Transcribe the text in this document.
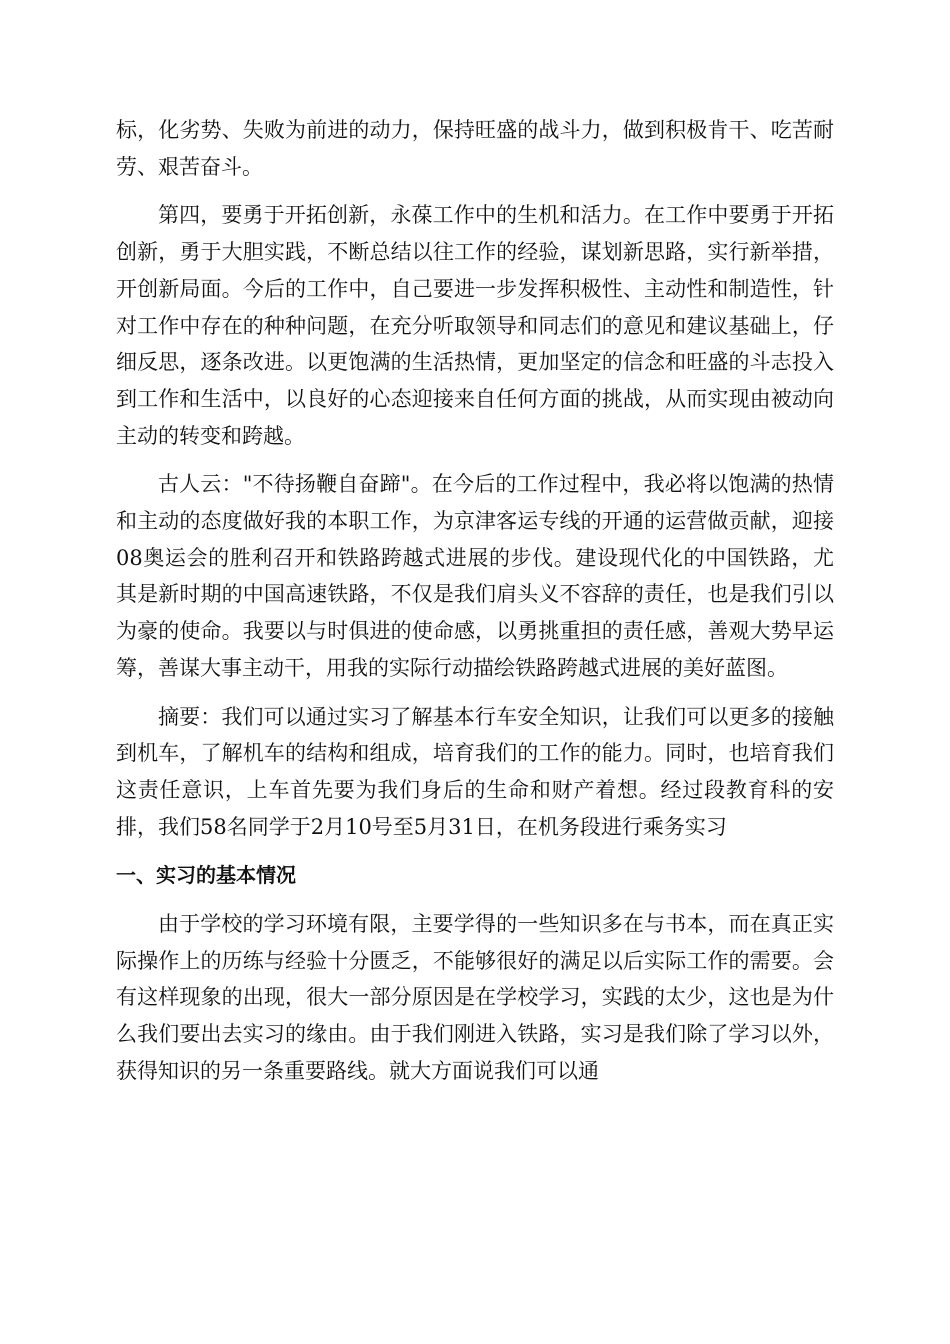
标，化劣势、失败为前进的动力，保持旺盛的战斗力，做到积极肯干、吃苦耐劳、艰苦奋斗。

第四，要勇于开拓创新，永葆工作中的生机和活力。在工作中要勇于开拓创新，勇于大胆实践，不断总结以往工作的经验，谋划新思路，实行新举措，开创新局面。今后的工作中，自己要进一步发挥积极性、主动性和制造性，针对工作中存在的种种问题，在充分听取领导和同志们的意见和建议基础上，仔细反思，逐条改进。以更饱满的生活热情，更加坚定的信念和旺盛的斗志投入到工作和生活中，以良好的心态迎接来自任何方面的挑战，从而实现由被动向主动的转变和跨越。

古人云："不待扬鞭自奋蹄"。在今后的工作过程中，我必将以饱满的热情和主动的态度做好我的本职工作，为京津客运专线的开通的运营做贡献，迎接08奥运会的胜利召开和铁路跨越式进展的步伐。建设现代化的中国铁路，尤其是新时期的中国高速铁路，不仅是我们肩头义不容辞的责任，也是我们引以为豪的使命。我要以与时俱进的使命感，以勇挑重担的责任感，善观大势早运筹，善谋大事主动干，用我的实际行动描绘铁路跨越式进展的美好蓝图。

摘要：我们可以通过实习了解基本行车安全知识，让我们可以更多的接触到机车，了解机车的结构和组成，培育我们的工作的能力。同时，也培育我们这责任意识，上车首先要为我们身后的生命和财产着想。经过段教育科的安排，我们58名同学于2月10号至5月31日，在机务段进行乘务实习

一、实习的基本情况

由于学校的学习环境有限，主要学得的一些知识多在与书本，而在真正实际操作上的历练与经验十分匮乏，不能够很好的满足以后实际工作的需要。会有这样现象的出现，很大一部分原因是在学校学习，实践的太少，这也是为什么我们要出去实习的缘由。由于我们刚进入铁路，实习是我们除了学习以外，获得知识的另一条重要路线。就大方面说我们可以通
